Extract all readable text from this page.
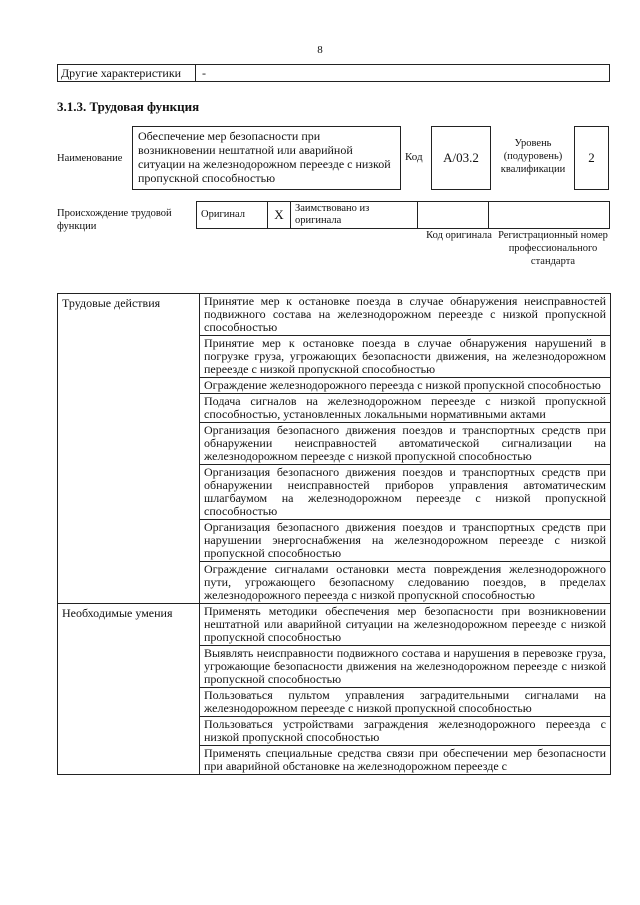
8
Другие характеристики	-
3.1.3. Трудовая функция
Наименование
Обеспечение мер безопасности при возникновении нештатной или аварийной ситуации на железнодорожном переезде с низкой пропускной способностью
Код	A/03.2
Уровень (подуровень) квалификации
2
Происхождение трудовой функции
Оригинал	X	Заимствовано из оригинала		
Код оригинала Регистрационный номер профессионального стандарта
Трудовые действия	Принятие мер к остановке поезда в случае обнаружения неисправностей подвижного состава на железнодорожном переезде с низкой пропускной способностью
	Принятие мер к остановке поезда в случае обнаружения нарушений в погрузке груза, угрожающих безопасности движения, на железнодорожном переезде с низкой пропускной способностью
	Ограждение железнодорожного переезда с низкой пропускной способностью
	Подача сигналов на железнодорожном переезде с низкой пропускной способностью, установленных локальными нормативными актами
	Организация безопасного движения поездов и транспортных средств при обнаружении неисправностей автоматической сигнализации на железнодорожном переезде с низкой пропускной способностью
	Организация безопасного движения поездов и транспортных средств при обнаружении неисправностей приборов управления автоматическим шлагбаумом на железнодорожном переезде с низкой пропускной способностью
	Организация безопасного движения поездов и транспортных средств при нарушении энергоснабжения на железнодорожном переезде с низкой пропускной способностью
	Ограждение сигналами остановки места повреждения железнодорожного пути, угрожающего безопасному следованию поездов, в пределах железнодорожного переезда с низкой пропускной способностью
Необходимые умения	Применять методики обеспечения мер безопасности при возникновении нештатной или аварийной ситуации на железнодорожном переезде с низкой пропускной способностью
	Выявлять неисправности подвижного состава и нарушения в перевозке груза, угрожающие безопасности движения на железнодорожном переезде с низкой пропускной способностью
	Пользоваться пультом управления заградительными сигналами на железнодорожном переезде с низкой пропускной способностью
	Пользоваться устройствами заграждения железнодорожного переезда с низкой пропускной способностью
	Применять специальные средства связи при обеспечении мер безопасности при аварийной обстановке на железнодорожном переезде с
